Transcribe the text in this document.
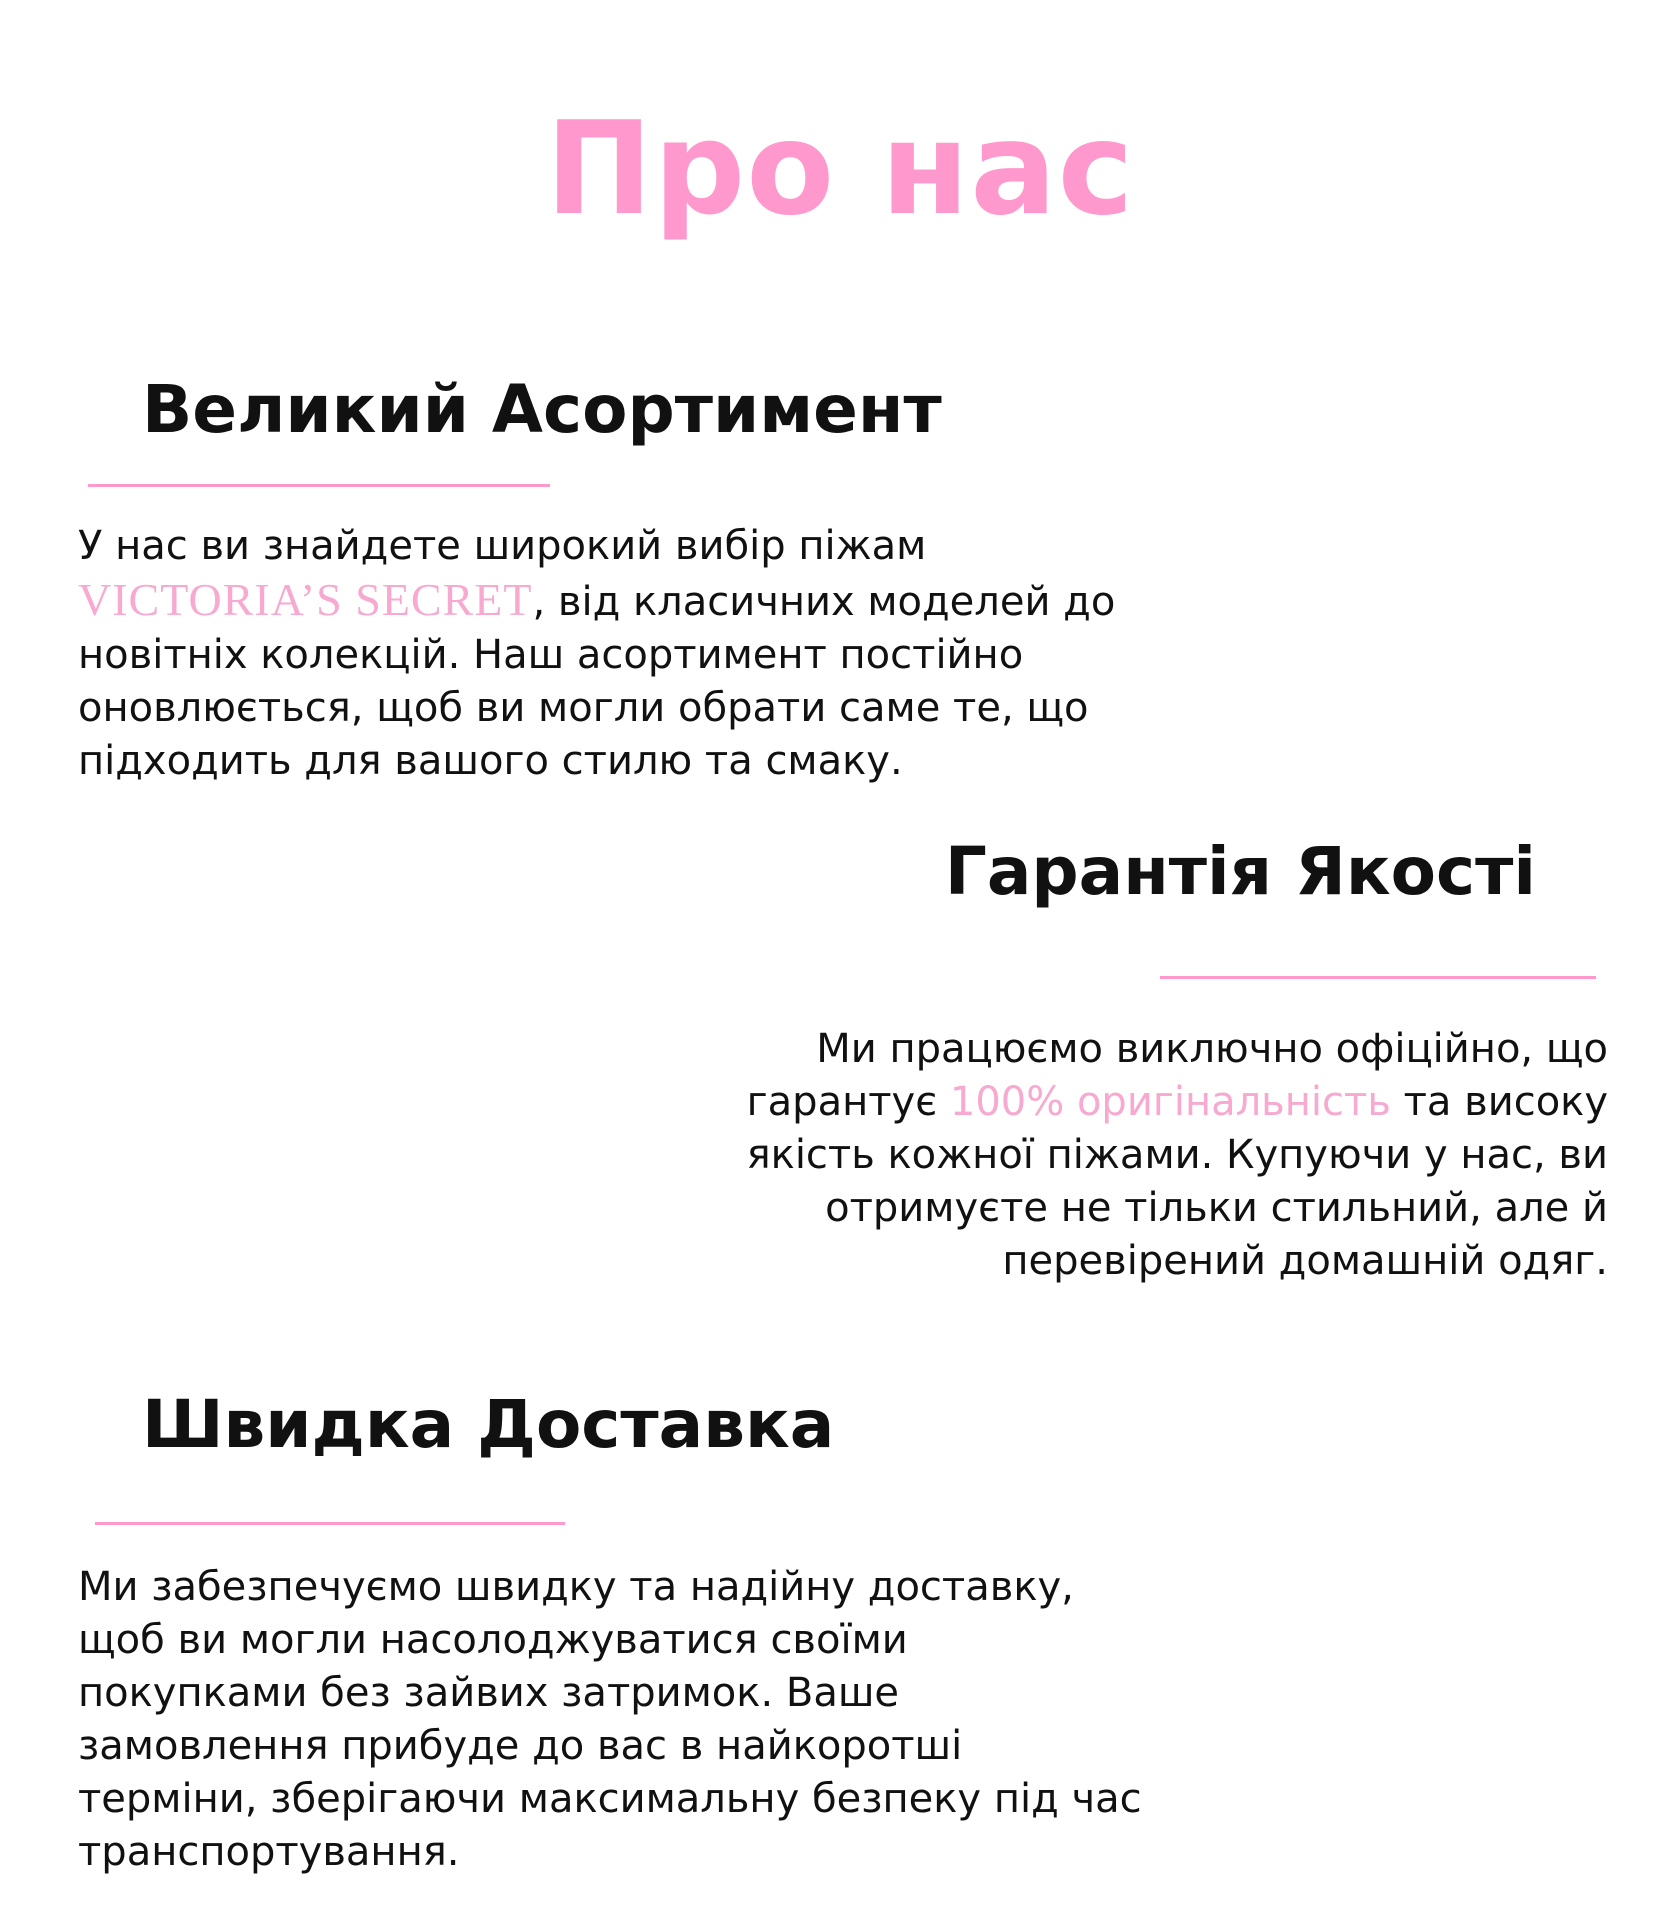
Про нас
Великий Асортимент

У нас ви знайдете широкий вибір піжам
VICTORIA’S SECRET, від класичних моделей до
новітніх колекцій. Наш асортимент постійно
оновлюється, щоб ви могли обрати саме те, що
підходить для вашого стилю та смаку.

Гарантія Якості

Ми працюємо виключно офіційно, що
гарантує 100% оригінальність та високу
якість кожної піжами. Купуючи у нас, ви
отримуєте не тільки стильний, але й
перевірений домашній одяг.

Швидка Доставка

Ми забезпечуємо швидку та надійну доставку,
щоб ви могли насолоджуватися своїми
покупками без зайвих затримок. Ваше
замовлення прибуде до вас в найкоротші
терміни, зберігаючи максимальну безпеку під час
транспортування.
